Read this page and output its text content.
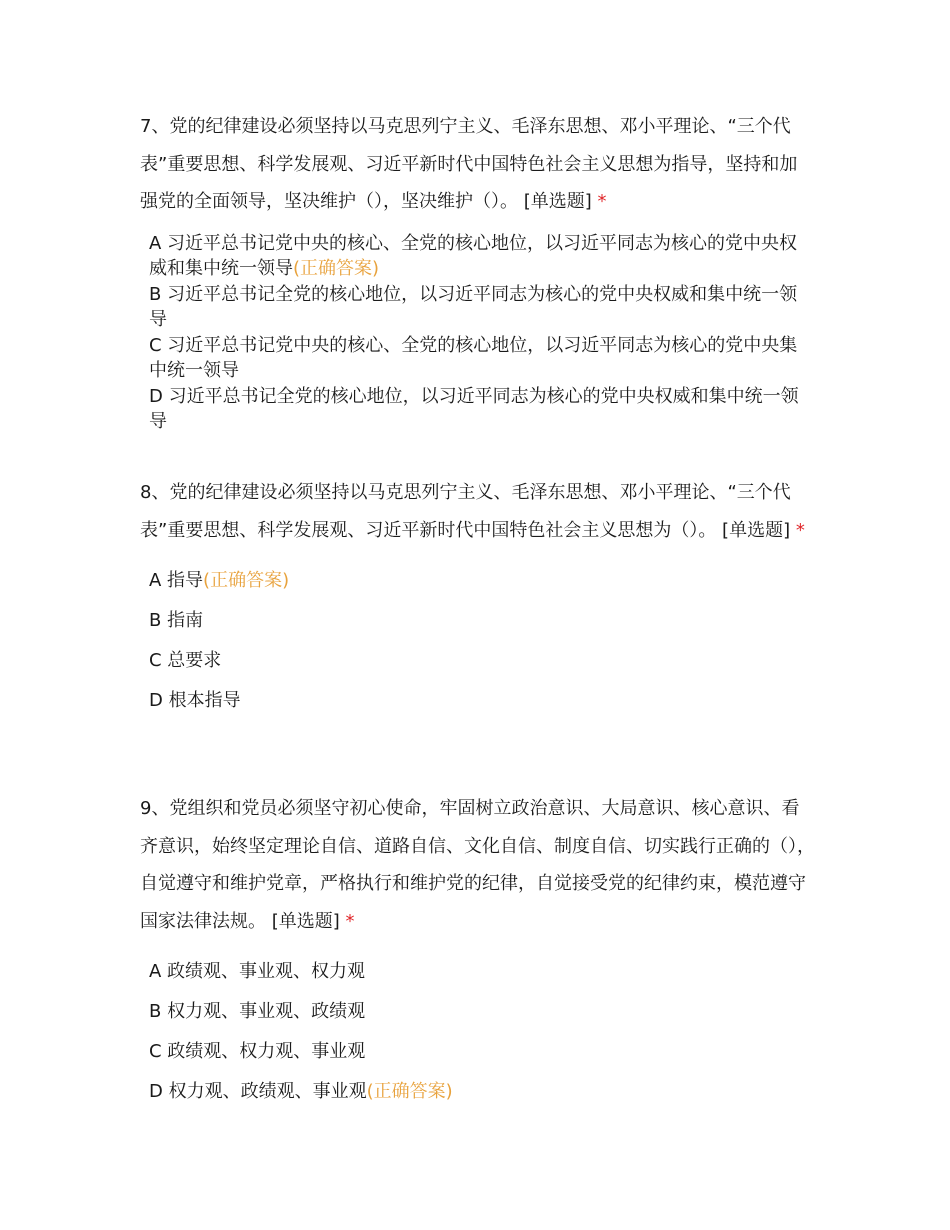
7、党的纪律建设必须坚持以马克思列宁主义、毛泽东思想、邓小平理论、“三个代表”重要思想、科学发展观、习近平新时代中国特色社会主义思想为指导，坚持和加强党的全面领导，坚决维护（），坚决维护（）。 [单选题] *

A 习近平总书记党中央的核心、全党的核心地位，以习近平同志为核心的党中央权威和集中统一领导(正确答案)
B 习近平总书记全党的核心地位，以习近平同志为核心的党中央权威和集中统一领导
C 习近平总书记党中央的核心、全党的核心地位，以习近平同志为核心的党中央集中统一领导
D 习近平总书记全党的核心地位，以习近平同志为核心的党中央权威和集中统一领导

8、党的纪律建设必须坚持以马克思列宁主义、毛泽东思想、邓小平理论、“三个代表”重要思想、科学发展观、习近平新时代中国特色社会主义思想为（）。 [单选题] *

A 指导(正确答案)
B 指南
C 总要求
D 根本指导

9、党组织和党员必须坚守初心使命，牢固树立政治意识、大局意识、核心意识、看齐意识，始终坚定理论自信、道路自信、文化自信、制度自信、切实践行正确的（），自觉遵守和维护党章，严格执行和维护党的纪律，自觉接受党的纪律约束，模范遵守国家法律法规。 [单选题] *

A 政绩观、事业观、权力观
B 权力观、事业观、政绩观
C 政绩观、权力观、事业观
D 权力观、政绩观、事业观(正确答案)
